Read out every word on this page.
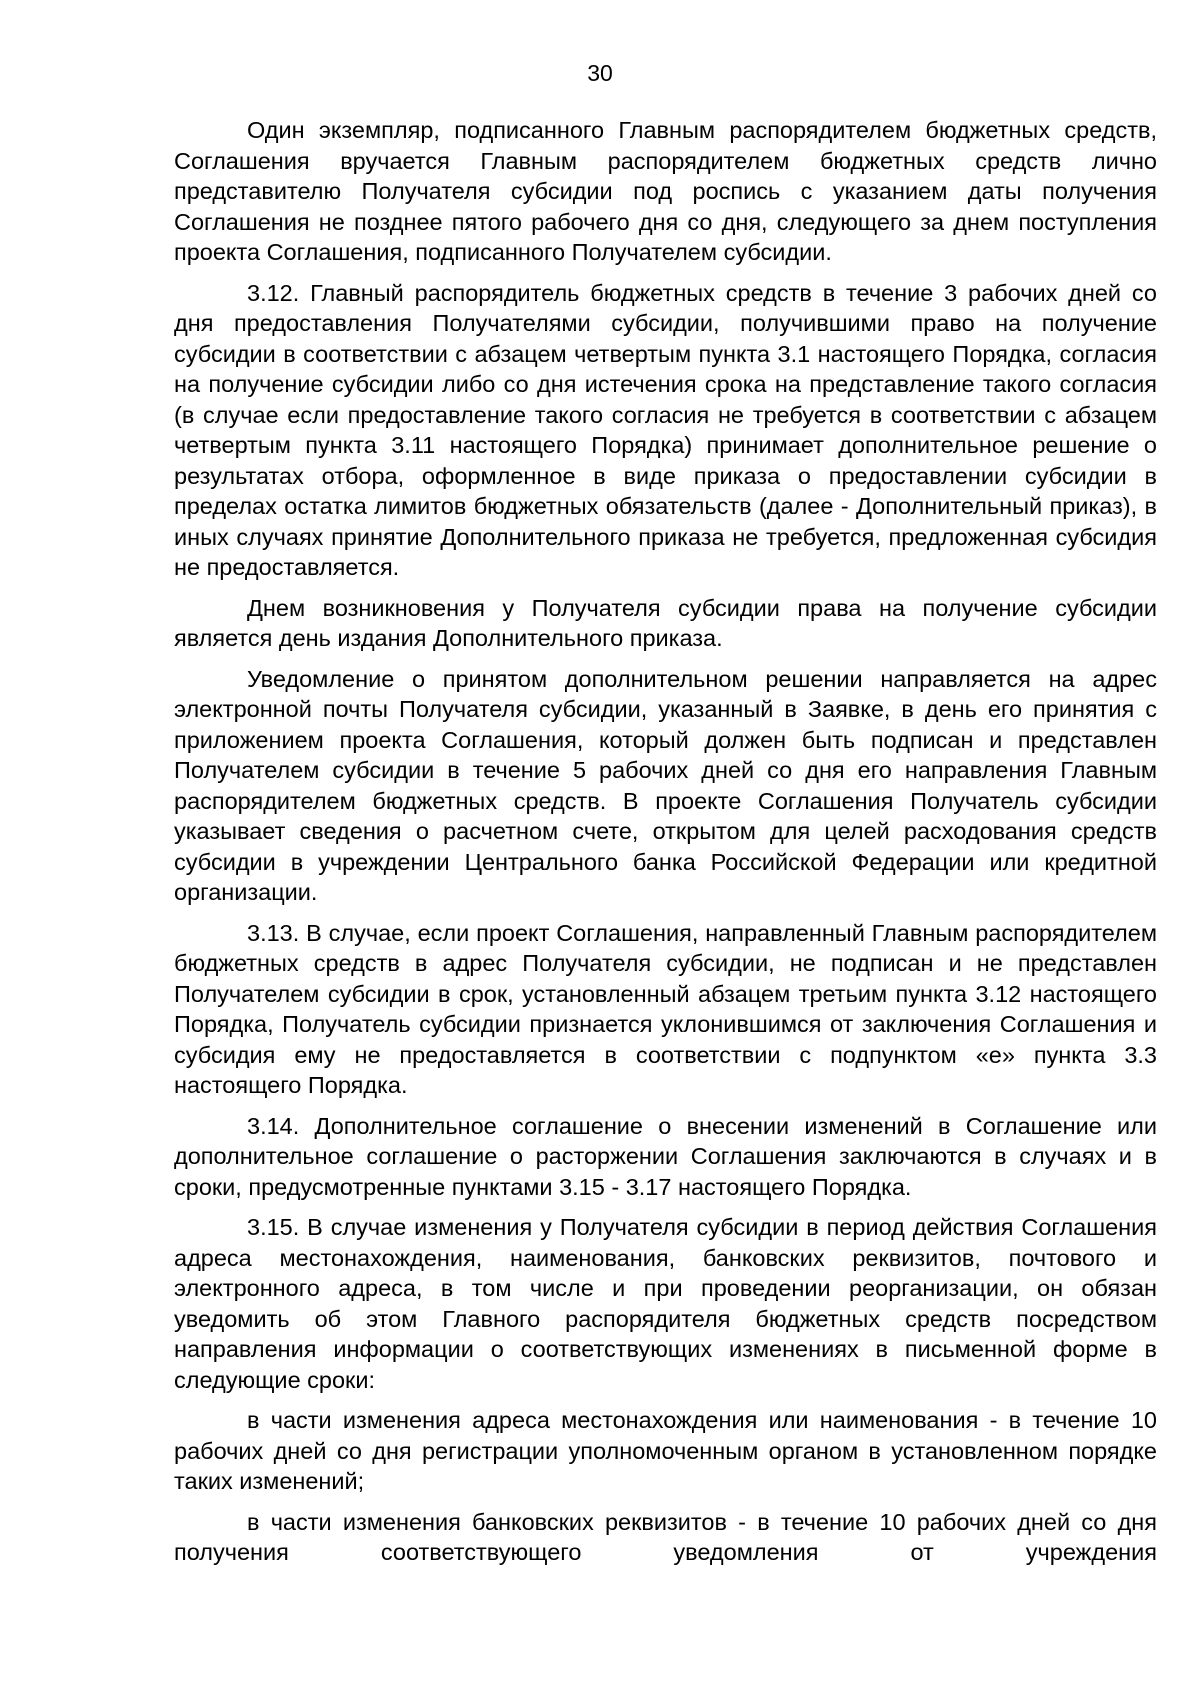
30

Один экземпляр, подписанного Главным распорядителем бюджетных средств, Соглашения вручается Главным распорядителем бюджетных средств лично представителю Получателя субсидии под роспись с указанием даты получения Соглашения не позднее пятого рабочего дня со дня, следующего за днем поступления проекта Соглашения, подписанного Получателем субсидии.

3.12. Главный распорядитель бюджетных средств в течение 3 рабочих дней со дня предоставления Получателями субсидии, получившими право на получение субсидии в соответствии с абзацем четвертым пункта 3.1 настоящего Порядка, согласия на получение субсидии либо со дня истечения срока на представление такого согласия (в случае если предоставление такого согласия не требуется в соответствии с абзацем четвертым пункта 3.11 настоящего Порядка) принимает дополнительное решение о результатах отбора, оформленное в виде приказа о предоставлении субсидии в пределах остатка лимитов бюджетных обязательств (далее - Дополнительный приказ), в иных случаях принятие Дополнительного приказа не требуется, предложенная субсидия не предоставляется.

Днем возникновения у Получателя субсидии права на получение субсидии является день издания Дополнительного приказа.

Уведомление о принятом дополнительном решении направляется на адрес электронной почты Получателя субсидии, указанный в Заявке, в день его принятия с приложением проекта Соглашения, который должен быть подписан и представлен Получателем субсидии в течение 5 рабочих дней со дня его направления Главным распорядителем бюджетных средств. В проекте Соглашения Получатель субсидии указывает сведения о расчетном счете, открытом для целей расходования средств субсидии в учреждении Центрального банка Российской Федерации или кредитной организации.

3.13. В случае, если проект Соглашения, направленный Главным распорядителем бюджетных средств в адрес Получателя субсидии, не подписан и не представлен Получателем субсидии в срок, установленный абзацем третьим пункта 3.12 настоящего Порядка, Получатель субсидии признается уклонившимся от заключения Соглашения и субсидия ему не предоставляется в соответствии с подпунктом «е» пункта 3.3 настоящего Порядка.

3.14. Дополнительное соглашение о внесении изменений в Соглашение или дополнительное соглашение о расторжении Соглашения заключаются в случаях и в сроки, предусмотренные пунктами 3.15 - 3.17 настоящего Порядка.

3.15. В случае изменения у Получателя субсидии в период действия Соглашения адреса местонахождения, наименования, банковских реквизитов, почтового и электронного адреса, в том числе и при проведении реорганизации, он обязан уведомить об этом Главного распорядителя бюджетных средств посредством направления информации о соответствующих изменениях в письменной форме в следующие сроки:

в части изменения адреса местонахождения или наименования - в течение 10 рабочих дней со дня регистрации уполномоченным органом в установленном порядке таких изменений;

в части изменения банковских реквизитов - в течение 10 рабочих дней со дня получения соответствующего уведомления от учреждения
